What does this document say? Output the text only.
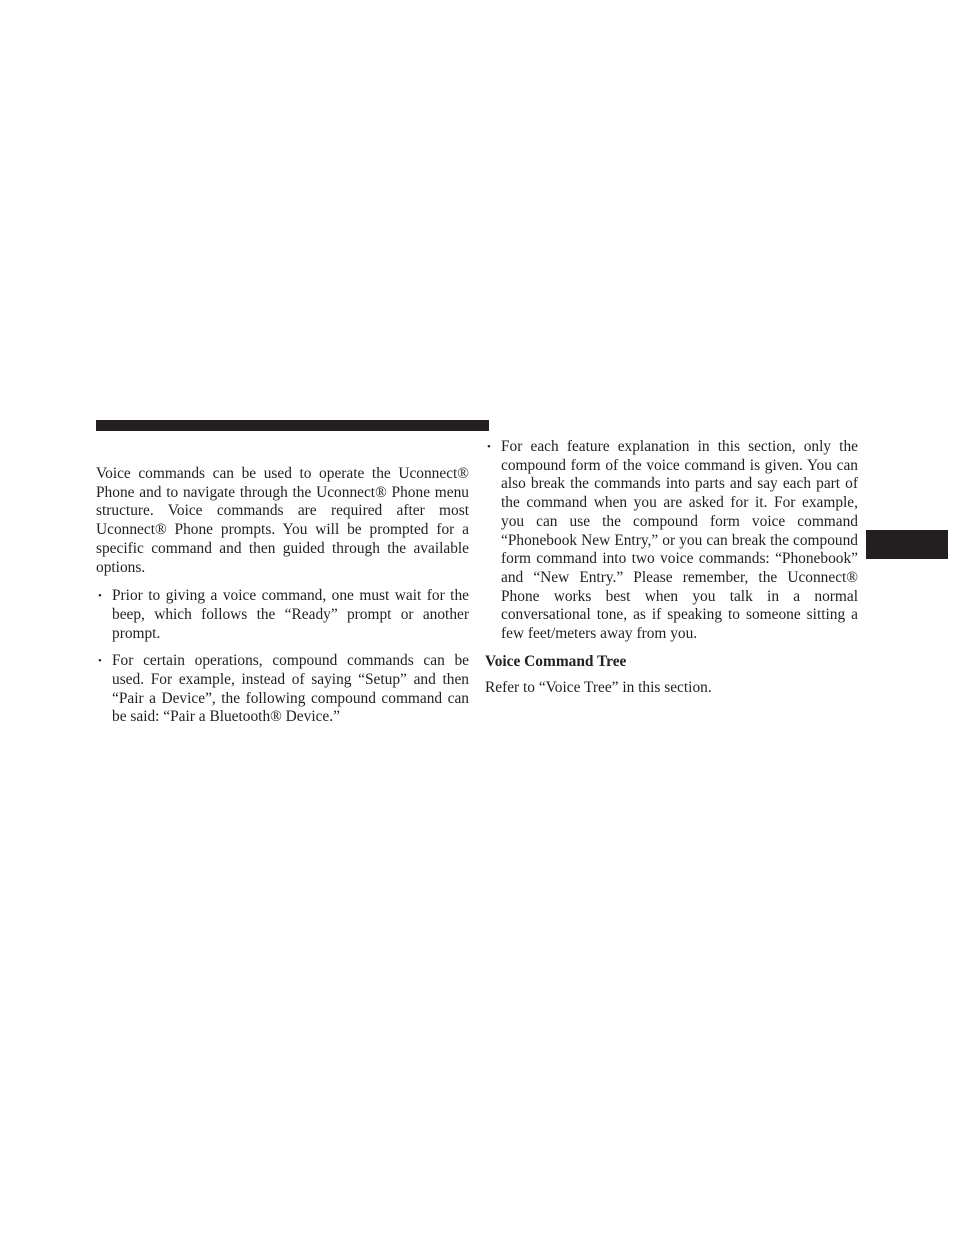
Voice commands can be used to operate the Uconnect® Phone and to navigate through the Uconnect® Phone menu structure. Voice commands are required after most Uconnect® Phone prompts. You will be prompted for a specific command and then guided through the available options.

• Prior to giving a voice command, one must wait for the beep, which follows the “Ready” prompt or another prompt.
• For certain operations, compound commands can be used. For example, instead of saying “Setup” and then “Pair a Device”, the following compound command can be said: “Pair a Bluetooth® Device.”
• For each feature explanation in this section, only the compound form of the voice command is given. You can also break the commands into parts and say each part of the command when you are asked for it. For example, you can use the compound form voice command “Phonebook New Entry,” or you can break the compound form command into two voice commands: “Phonebook” and “New Entry.” Please remember, the Uconnect® Phone works best when you talk in a normal conversational tone, as if speaking to someone sitting a few feet/meters away from you.

Voice Command Tree

Refer to “Voice Tree” in this section.
